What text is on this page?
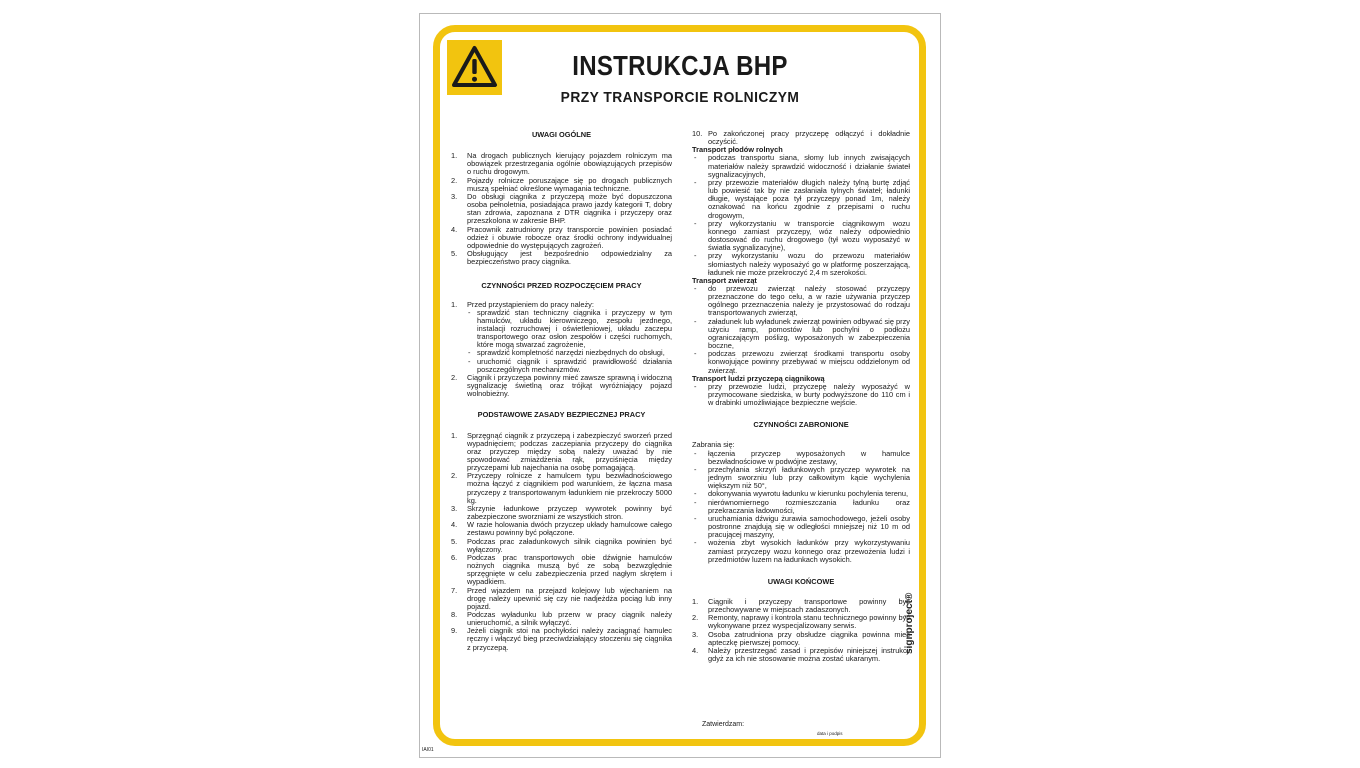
INSTRUKCJA BHP
PRZY TRANSPORCIE ROLNICZYM

UWAGI OGÓLNE

1. Na drogach publicznych kierujący pojazdem rolniczym ma obowiązek przestrzegania ogólnie obowiązujących przepisów o ruchu drogowym.
2. Pojazdy rolnicze poruszające się po drogach publicznych muszą spełniać określone wymagania techniczne.
3. Do obsługi ciągnika z przyczepą może być dopuszczona osoba pełnoletnia, posiadająca prawo jazdy kategorii T, dobry stan zdrowia, zapoznana z DTR ciągnika i przyczepy oraz przeszkolona w zakresie BHP.
4. Pracownik zatrudniony przy transporcie powinien posiadać odzież i obuwie robocze oraz środki ochrony indywidualnej odpowiednie do występujących zagrożeń.
5. Obsługujący jest bezpośrednio odpowiedzialny za bezpieczeństwo pracy ciągnika.

CZYNNOŚCI PRZED ROZPOCZĘCIEM PRACY

1. Przed przystąpieniem do pracy należy:
- sprawdzić stan techniczny ciągnika i przyczepy w tym hamulców, układu kierowniczego, zespołu jezdnego, instalacji rozruchowej i oświetleniowej, układu zaczepu transportowego oraz osłon zespołów i części ruchomych, które mogą stwarzać zagrożenie,
- sprawdzić kompletność narzędzi niezbędnych do obsługi,
- uruchomić ciągnik i sprawdzić prawidłowość działania poszczególnych mechanizmów.
2. Ciągnik i przyczepa powinny mieć zawsze sprawną i widoczną sygnalizację świetlną oraz trójkąt wyróżniający pojazd wolnobieżny.

PODSTAWOWE ZASADY BEZPIECZNEJ PRACY

1. Sprzęgnąć ciągnik z przyczepą i zabezpieczyć sworzeń przed wypadnięciem; podczas zaczepiania przyczepy do ciągnika oraz przyczep między sobą należy uważać by nie spowodować zmiażdżenia rąk, przyciśnięcia między przyczepami lub najechania na osobę pomagającą.
2. Przyczepy rolnicze z hamulcem typu bezwładnościowego można łączyć z ciągnikiem pod warunkiem, że łączna masa przyczepy z transportowanym ładunkiem nie przekroczy 5000 kg.
3. Skrzynie ładunkowe przyczep wywrotek powinny być zabezpieczone sworzniami ze wszystkich stron.
4. W razie holowania dwóch przyczep układy hamulcowe całego zestawu powinny być połączone.
5. Podczas prac załadunkowych silnik ciągnika powinien być wyłączony.
6. Podczas prac transportowych obie dźwignie hamulców nożnych ciągnika muszą być ze sobą bezwzględnie sprzęgnięte w celu zabezpieczenia przed nagłym skrętem i wypadkiem.
7. Przed wjazdem na przejazd kolejowy lub wjechaniem na drogę należy upewnić się czy nie nadjeżdża pociąg lub inny pojazd.
8. Podczas wyładunku lub przerw w pracy ciągnik należy unieruchomić, a silnik wyłączyć.
9. Jeżeli ciągnik stoi na pochyłości należy zaciągnąć hamulec ręczny i włączyć bieg przeciwdziałający stoczeniu się ciągnika z przyczepą.
10. Po zakończonej pracy przyczepę odłączyć i dokładnie oczyścić.

Transport płodów rolnych

- podczas transportu siana, słomy lub innych zwisających materiałów należy sprawdzić widoczność i działanie świateł sygnalizacyjnych,
- przy przewozie materiałów długich należy tylną burtę zdjąć lub powiesić tak by nie zasłaniała tylnych świateł; ładunki długie, wystające poza tył przyczepy ponad 1m, należy oznakować na końcu zgodnie z przepisami o ruchu drogowym,
- przy wykorzystaniu w transporcie ciągnikowym wozu konnego zamiast przyczepy, wóz należy odpowiednio dostosować do ruchu drogowego (tył wozu wyposażyć w światła sygnalizacyjne),
- przy wykorzystaniu wozu do przewozu materiałów słomiastych należy wyposażyć go w platformę poszerzającą, ładunek nie może przekroczyć 2,4 m szerokości.

Transport zwierząt

- do przewozu zwierząt należy stosować przyczepy przeznaczone do tego celu, a w razie używania przyczep ogólnego przeznaczenia należy je przystosować do rodzaju transportowanych zwierząt,
- załadunek lub wyładunek zwierząt powinien odbywać się przy użyciu ramp, pomostów lub pochylni o podłożu ograniczającym poślizg, wyposażonych w zabezpieczenia boczne,
- podczas przewozu zwierząt środkami transportu osoby konwojujące powinny przebywać w miejscu oddzielonym od zwierząt.

Transport ludzi przyczepą ciągnikową

- przy przewozie ludzi, przyczepę należy wyposażyć w przymocowane siedziska, w burty podwyższone do 110 cm i w drabinki umożliwiające bezpieczne wejście.

CZYNNOŚCI ZABRONIONE

Zabrania się:

- łączenia przyczep wyposażonych w hamulce bezwładnościowe w podwójne zestawy,
- przechylania skrzyń ładunkowych przyczep wywrotek na jednym sworzniu lub przy całkowitym kącie wychylenia większym niż 50°,
- dokonywania wywrotu ładunku w kierunku pochylenia terenu,
- nierównomiernego rozmieszczania ładunku oraz przekraczania ładowności,
- uruchamiania dźwigu żurawia samochodowego, jeżeli osoby postronne znajdują się w odległości mniejszej niż 10 m od pracującej maszyny,
- wożenia zbyt wysokich ładunków przy wykorzystywaniu zamiast przyczepy wozu konnego oraz przewożenia ludzi i przedmiotów luzem na ładunkach wysokich.

UWAGI KOŃCOWE

1. Ciągnik i przyczepy transportowe powinny być przechowywane w miejscach zadaszonych.
2. Remonty, naprawy i kontrola stanu technicznego powinny być wykonywane przez wyspecjalizowany serwis.
3. Osoba zatrudniona przy obsłudze ciągnika powinna mieć apteczkę pierwszej pomocy.
4. Należy przestrzegać zasad i przepisów niniejszej instrukcji gdyż za ich nie stosowanie można zostać ukaranym.
Zatwierdzam:
data i podpis
signproject®
IAI01
